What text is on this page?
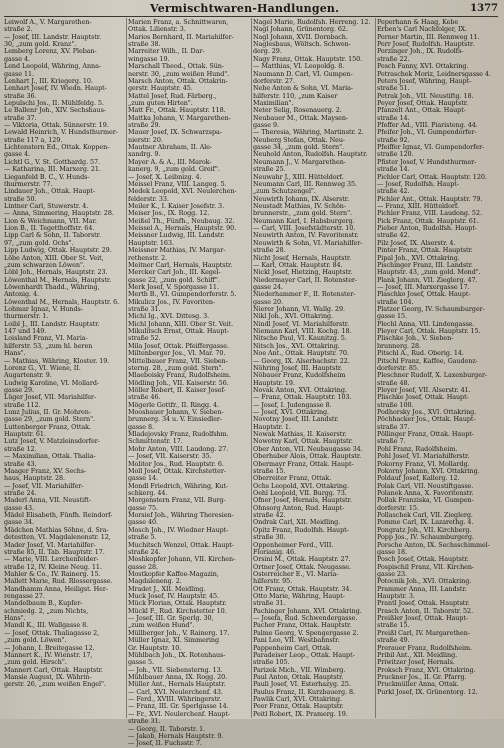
Vermischtwaren-Handlungen.	1377
Leiwolf A., V. Margarethen-
straße 2.
— Josef, III. Landstr. Hauptstr.
30, „zum gold. Kranz".
Lemberg Lorenz, XV. Pleban-
gasse 4.
Lend Leopold, Währing, Anna-
gasse 11.
Lenhart J., III. Kriegerg. 10.
Lenhart Josef, IV. Wiedn. Haupt-
straße 36.
Lepulschi Jos., II. Mühlfeldg. 5.
Le Ballenr Joh., XIV. Sechshaus-
straße 37.
— Viktoria, Ottak. Sünnerstr. 19.
Lewald Heinrich, V. Hundsthurmer-
straße 117 a, 129.
Lichtenstern Ed., Ottak. Koppen-
gasse 4.
Lichtl G., V. St. Gotthardg. 57.
— Katharina, III. Marxerg. 21.
Lieganfeld B. C., V. Hunds-
thurmerstr. 77.
Lindauer Joh., Ottak. Haupt-
straße 50.
Lintner Carl, Stuwerstr. 4.
— Anna, Simmering, Hauptstr. 28.
Lion & Weichmann, VII. Mar.
Lion B., II. Tegetthoffstr. 64.
Lipp Carl & Sohn, II. Taborstr.
97, „zum gold. Ochs".
Lipp Ludwig, Ottak. Hauptstr. 29.
Löbe Anton, XIII. Ober St. Veit,
„zum schwarzen Löwen".
Löbl Joh., Hernals, Hauptstr. 23.
Löwenthal M., Hernals, Hauptstr.
Löwenhardt Thadd., Währing,
Antonig. 4.
Löwenthal M., Hernals, Hauptstr. 6.
Lohmar Ignaz, V. Hunds-
thurmerstr. 1.
Loibl J., III. Landstr. Hauptstr.
147 und 149.
Loisland Franz, VI. Maria-
hilferstr. 53, „zum hl. heren
Hans".
— Mathias, Währing, Kloster. 19.
Lorenz G., VI. Wiene, II.
Augartenstr. 9.
Ludwig Karoline, VI. Mollard-
gasse 29.
Lüger Josef, VII. Mariahilfer-
straße 112.
Lunz Julius, II. Gr. Mohren-
gasse 29, „zum gold. Stern".
Luttenberger Franz, Ottak.
Hauptstr. 61.
Lutz Josef, V. Matzleinsdorfer-
straße 12.
— Maximilian, Ottak. Thalia-
straße 43.
Maager Franz, XV. Sechs-
haus, Hauptstr. 28.
— Josef, VII. Mariahilfer-
straße 24.
Maderl Anna, VII. Neustift-
gasse 43.
Mädel Elisabeth, Fünfh. Reindorf-
gasse 34.
Mädchen Mathias Söhne, d. Sra-
detestten, VI. Magdalenenstr. 12,
Mader Josef, VI. Mariahilfer-
straße 85, II. Tab. Hauptstr. 17.
— Marie, VIII. Lerchenfelder-
straße 12, IV. Kleine Neug. 11.
Mahler & Co., IV. Rainerg. 15.
Mallett Marie, Rud. Rlossergasse.
Mandhamm Anna, Heiligst. Her-
rengasse 27.
Mandelbaum B., Kupfer-
schmiedg. 2, „zum Nichts,
Hans".
Mandl K., III. Wallgasse 8.
— Josef, Ottak. Thaliagasse 2,
„zum gold. Löwen".
— Johann, I. Breitegasse 12.
Mannert K., IV. Wienstr. 17,
„zum gold. Hirsch".
Mannert Carl, Ottak. Hauptstr.
Mansie August, IX. Währin-
gerstr. 26, „zum weißen Engel".
Marien Franz, a. Schnittwaren,
Ottak. Lilienstr. 3.
Marios Bernhard, II. Mariahilfer-
straße 38.
Marreiter Wilh., II. Dar-
wingasse 19.
Marschall Theod., Ottak. Sün-
nerstr. 30, „zum weißen Hund".
Marsch Anton, Ottak. Ottakrin-
gerstr. Hauptstr. 45.
Mattel Josef, Rud. Färberg.,
„zum guten Hirten".
Matt Fr., Ottak. Hauptstr. 118.
Mattka Johann, V. Margarethen-
straße 29.
Mauer Josef, IX. Schwarzspa-
nierstr. 20.
Mautner Abraham, II. Ale-
xandrg. 9.
Mayer A. & A., III. Marok-
kanerg. 9, „zum gold. Greif".
— Josef, X. Leibnizg. 4.
Meissel Franz, VIII. Langeg. 5.
Medek Leopold, XVI. Neulerchen-
felderstr. 33.
Meiler K., I. Kaiser Josefstr. 3.
Meiser Jos., IX. Rogg. 12.
Meißel Th., Fünfh., Neubaug. 32.
Meissel A., Hernals, Hauptstr. 90.
Meissner Ludwig, III. Landstr.
Hauptstr. 163.
Meissner Mathias, IV. Margar-
rethenstr. 2.
Meitner Carl, Hernals, Hauptstr.
Mercker Carl Joh., III. Kegel-
gasse 22, „zum gold. Schiff".
Merk Josef, V. Sporgasse 11.
Merth B., VI. Gumpendorferstr. 5.
Mikulicz Jos., IV. Favoriten-
straße 31.
Michl Ig., XVI. Dittesg. 3.
Michl Johann, XIII. Ober St. Veit.
Mikulitsch Ernst, Ottak. Haupt-
straße 52.
Mila Josef, Ottak. Pfeiffergasse.
Miltenberger Jos., VI. Mar. 70.
Mittelbauer Franz, VII. Sieben-
sterng. 28, „zum gold. Stern".
Mlaeboisky Franz, Rudolfsheim.
Mödling Joh., VII. Kaiserstr. 56.
Möller Robert, II. Kaiser Josef-
straße 46.
Mögerle Gottfr., II. Ringg. 4.
Moosbauer Johann, V. Sieben-
brunnerg. 34 u. V. Einsiedler-
gasse 8.
Mladejovsky Franz, Rudolfshm.
Schmittenstr. 17.
Mohr Anton, VIII. Laudong. 27.
— Josef, VII. Kaiserstr. 35.
Molitor Jos., Rud. Hauptstr. 6.
Moll Josef, Ottak. Kirchstetter-
gasse 14.
Mondl Friedrich, Währing, Kut-
schkerg. 44.
Morgenstern Franz, VII. Burg-
gasse 75.
Morsief Joh., Währing Theresien-
gasse 40.
Mosch Joh., IV. Wiedner Haupt-
straße 5.
Muchitsch Wenzel, Ottak. Haupt-
straße 24.
Moshkopfer Johann, VII. Kirchen-
gasse 28.
Mostkopfer Kaffee-Magazin,
Magdaleneng. 2.
Mradet J., XII. Meidling.
Muck Josef, IV. Hauptstr. 45.
Mück Florian, Ottak. Hauptstr.
Mückl F., Rud. Kirchstetter 10.
— Josef, III. Gr. Sperlg. 30,
„zum weißen Hund".
Müllberger Joh., V. Rainerg. 17.
Müller Ignaz, XI. Simmering
Gr. Hauptstr. 10.
Mühlbach Joh., IX. Rotenhaus-
gasse 5.
— Joh., VII. Siebensterng. 13.
Mühlbauer Anna, IX. Rogg. 20.
Müller Ant., Hernals Hauptstr.
— Carl, XVI. Neulerchenf. 43.
— Ferd., XVIII. Währingerstr.
— Franz, III. Gr. Sperlgasse 14.
— Fr., XVI. Neulerchenf. Haupt-
straße 31.
— Georg, II. Taborstr. 1.
— Jakob, Hernals Hauptstr. 9.
— Josef, II. Fuchsstr. 7.
Nagel Marie, Rudolfsh. Herreng. 12.
Nagl Johann, Grünentorg. 62.
Nagl Johann, XVII. Dornbach.
Naglesbaus, Wöltsch. Schwen-
derg. 29.
Nagy Franz, Ottak. Hauptstr. 150.
— Matthias, VI. Leopoldg. 8.
Naumann D. Carl, VI. Gumpen-
dorferstr. 27.
Nebe Anton & Sohn, VI. Maria-
hilferstr. 110, „zum Kaiser
Maximilian".
Neter Selig, Rosenauerg. 2.
Neubauer M., Ottak. Maysen-
gasse 9.
— Theresia, Währing, Martinstr. 2.
Neuberg Stefan, Ottak. Neu-
gasse 34, „zum gold. Stern".
Neuhold Anton, Rudolfsh. Hauptstr.
Neumann J., V. Margarethen-
straße 25.
Neuwahr J., XIII. Hütteldorf.
Neumann Carl, III. Rennweg 35.
„zum Schutzengel".
Neuwirth Johann, IX. Alserstr.
Neustadt Mathias, IV. Schön-
brunnerstr., „zum gold. Stern".
Neumann Karl, I. Habsburgerg.
— Carl, VIII. Josefstädterstr. 10.
Neuwirth Anton, IV. Favoritenstr.
Neuwirth & Sohn, VI. Mariahilfer-
straße 28.
Nicht Josef, Hernals, Hauptstr.
— Karl, Ottak. Hauptstr. 84.
Nickl Josef, Hietzing, Hauptstr.
Niedermayer Carl, II. Rotenster-
gasse 24.
Niederhammer F., II. Rotenster-
gasse 20.
Nierer Johann, VI. Wallg. 29.
Nikl Joh., XVI. Ottakring.
Nindl Josef, VI. Mariahilferstr.
Niemann Karl, VIII. Kochg. 18.
Nitsche Paul, VI. Kaunitzg. 5.
Nitsch Jos., XVI. Ottakring.
Noe Ant., Ottak. Hauptstr. 70.
— Georg, IX. Alserbachstr. 22.
Nöhring Josef, III. Hauptstr.
Nöbauer Franz, Kudolfsheim
Hauptstr. 19.
Novak Anton, XVI. Ottakring.
— Franz, Ottak. Hauptstr. 103.
— Josef, I. Judengasse 8.
— Josef, XVI. Ottakring.
Novotny Josef, III. Landstr.
Hauptstr. 1.
Nowak Mathias, II. Kaiserstr.
Nowotny Karl, Ottak. Hauptstr.
Ober Anton, VII. Neubaugasse 34.
Oberhuber Alois, Ottak. Hauptstr.
Obermayr Franz, Ottak. Haupt-
straße 15.
Oberreiter Franz, Ottak.
Ochs Leopold, XVI. Ottakring.
Oehl Leopold, VII. Burgg. 73.
Ofner Josef, Hernals, Hauptstr.
Ohnsorg Anton, Rud. Haupt-
straße 42.
Ondrak Carl, XII. Meidling.
Opitz Franz, Rudolfsh. Haupt-
straße 30.
Oppenheimer Ferd., VIII.
Florianig. 46.
Orsini M., Ottak. Hauptstr. 27.
Ortner Josef, Ottak. Neugasse.
Osterreicher E., VI. Maria-
hilferstr. 95.
Ott Franz, Ottak. Hauptstr. 34.
Otto Marie, Währing, Haupt-
straße 31.
Pachinger Johann, XVI. Ottakring.
— Josefa, Rud. Schwendergasse.
Pacher Franz, Ottak. Hauptstr.
Palme Georg, V. Spengergasse 2.
Pani Leo, VII. Westbahnstr.
Pappenheim Carl, Ottak.
Paradeiser Leop., Ottak. Haupt-
straße 105.
Parizek Mich., VII. Wimberg.
Paul Anton, Ottak. Hauptstr.
Pauli Josef, VI. Esterhazyg. 25.
Paulus Franz, II. Kurzbauerg. 8.
Pawlik Carl, XVI. Ottakring.
Peer Franz, Ottak. Hauptstr.
Peitl Robert, IX. Pramerg. 19.
Peperhann & Haag, Kebe
Erben's Carl Nachfolger, IX.
Perner Martin, III. Rennweg 11.
Perr Josef, Rudolfsh. Hauptstr.
Perzinger Joh., IX. Rudolfs-
straße 22.
Pesch Fanny, XVI. Ottakring.
Petraschek Moriz, Leidnersgasse 4.
Peters Josef, Währing, Haupt-
straße 51.
Petrak Joh., VII. Neustiftg. 18.
Peyer Josef, Ottak. Hauptstr.
Pfanzelt Ant., Ottak. Haupt-
straße 14.
Pfeffer Ad., VIII. Piaristeng. 44.
Pfeifer Joh., VI. Gumpendorfer-
straße 92.
Pfeiffer Ignaz, VI. Gumpendorfer-
straße 120.
Pfister Josef, V. Hundsthurmer-
straße 14.
Pichler Carl, Ottak. Hauptstr. 120.
— Josef, Rudolfsh. Haupt-
straße 42.
Pichler Ant., Ottak. Hauptstr. 79.
— Franz, XIII. Hütteldorf.
Pichler Franz, VIII. Laudong. 52.
Pick Franz, Ottak. Hauptstr. 61.
Pieber Anton, Rudolfsh. Haupt-
straße 42.
Pilz Josef, IX. Alserstr. 4.
Pinter Franz, Ottak. Hauptstr.
Pipal Joh., XVI. Ottakring.
Pischinger Franz, III. Landstr.
Hauptstr. 43, „zum gold. Mond".
Plank Johann, VII. Zieglerg. 47.
— Josef, III. Marxergasse 17.
Plaschko Josef, Ottak. Haupt-
straße 104.
Platzer Georg, IV. Schaumburger-
gasse 15.
Plechl Anna, VII. Lindengasse.
Pleyer Carl, Ottak. Hauptstr. 15.
Plischke Joh., V. Sieben-
brunnerg. 28.
Pitschl A., Rud. Oberig. 14.
Pitschl Franz, Kaffee, Gaudenz-
dorferstr. 85.
Pleschner Rudolf, X. Laxenburger-
straße 48.
Pleyer Josef, VII. Alserstr. 41.
Plischke Josef, Ottak. Haupt-
straße 100.
Podhorsky Jos., XVI. Ottakring.
Pöchhacker Jos., Ottak. Haupt-
straße 37.
Pöllinger Franz, Ottak. Haupt-
straße 7.
Pohl Franz, Rudolfsheim.
Pohl Josef, VI. Mariahilferstr.
Pokorny Franz, VI. Mollardg.
Pokorny Johann, XVI. Ottakring.
Poldauf Josef, Kallerg. 12.
Polak Carl, VII. Neustiftgasse.
Polanek Anna, X. Favoritenstr.
Pollak Franziska, VI. Gumpen-
dorferstr. 15.
Pollaschek Carl, VII. Zieglerg.
Pomme Carl, IX. Lazarethg. 4.
Pongratz Joh., VII. Kirchberg.
Popp Jos., IV. Schaumburgerg.
Porsche Anton, IX. Sechsschimmel-
gasse 18.
Posch Josef, Ottak. Hauptstr.
Pospischil Franz, VII. Kirchen-
gasse 23.
Potocnik Joh., XVI. Ottakring.
Prammer Anna, III. Landstr.
Hauptstr. 3.
Prantl Josef, Ottak. Hauptstr.
Prasch Anton, II. Taborstr. 52.
Preißler Josef, Ottak. Haupt-
straße 15.
Preißl Carl, IV. Margarethen-
straße 49.
Prerauer Franz, Rudolfsheim.
Pribil Ant., XII. Meidling.
Priwitzer Josef, Hernals.
Proksch Franz, XVI. Ottakring.
Pruckner Jos., II. Gr. Pfarrg.
Pruckmüller Anna, Ottak.
Purkl Josef, IX. Grünentorg. 12.
